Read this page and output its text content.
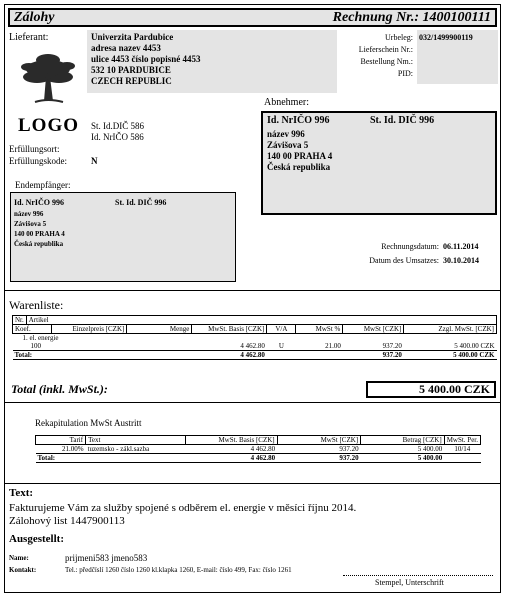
Zálohy	Rechnung Nr.: 1400100111
Lieferant:	Univerzita Pardubice
adresa nazev 4453
ulice 4453 číslo popisné 4453
532 10 PARDUBICE
CZECH REPUBLIC
LOGO St. Id.DIČ 586
Id. NrIČO 586
Urbeleg: 032/1499900119
Lieferschein Nr.:
Bestellung Nm.:
PID:
Abnehmer:
Id. NrIČO 996	St. Id. DIČ 996
název 996
Závišova 5
140 00 PRAHA 4
Česká republika
Erfüllungsort:
Erfüllungskode:	N
Endempfänger:
Id. NrIČO 996	St. Id. DIČ 996
název 996
Závišova 5
140 00 PRAHA 4
Česká republika	Rechnungsdatum: 06.11.2014
Datum des Umsatzes: 30.10.2014
Warenliste:
Nr.	Artikel							
Koef.		Einzelpreis [CZK]	Menge	MwSt. Basis [CZK]	V/A	MwSt %	MwSt [CZK]	Zzgl. MwSt. [CZK]
1. el. energie								
100				4 462.80	U	21.00	937.20	5 400.00 CZK
Total:				4 462.80			937.20	5 400.00 CZK
Total (inkl. MwSt.):	5 400.00 CZK
Rekapitulation MwSt Austritt
Tarif	Text	MwSt. Basis [CZK]	MwSt [CZK]	Betrag [CZK]	MwSt. Per.
21.00%	tuzemsko - zákl.sazba	4 462.80	937.20	5 400.00	10/14
Total:		4 462.80	937.20	5 400.00	
Text:
Fakturujeme Vám za služby spojené s odběrem el. energie v měsíci říjnu 2014.
Zálohový list 1447900113
Ausgestellt:
Name:	prijmeni583 jmeno583
Kontakt:	Tel.: předčíslí 1260 číslo 1260 kl.klapka 1260, E-mail: číslo 499, Fax: číslo 1261
Stempel, Unterschrift
